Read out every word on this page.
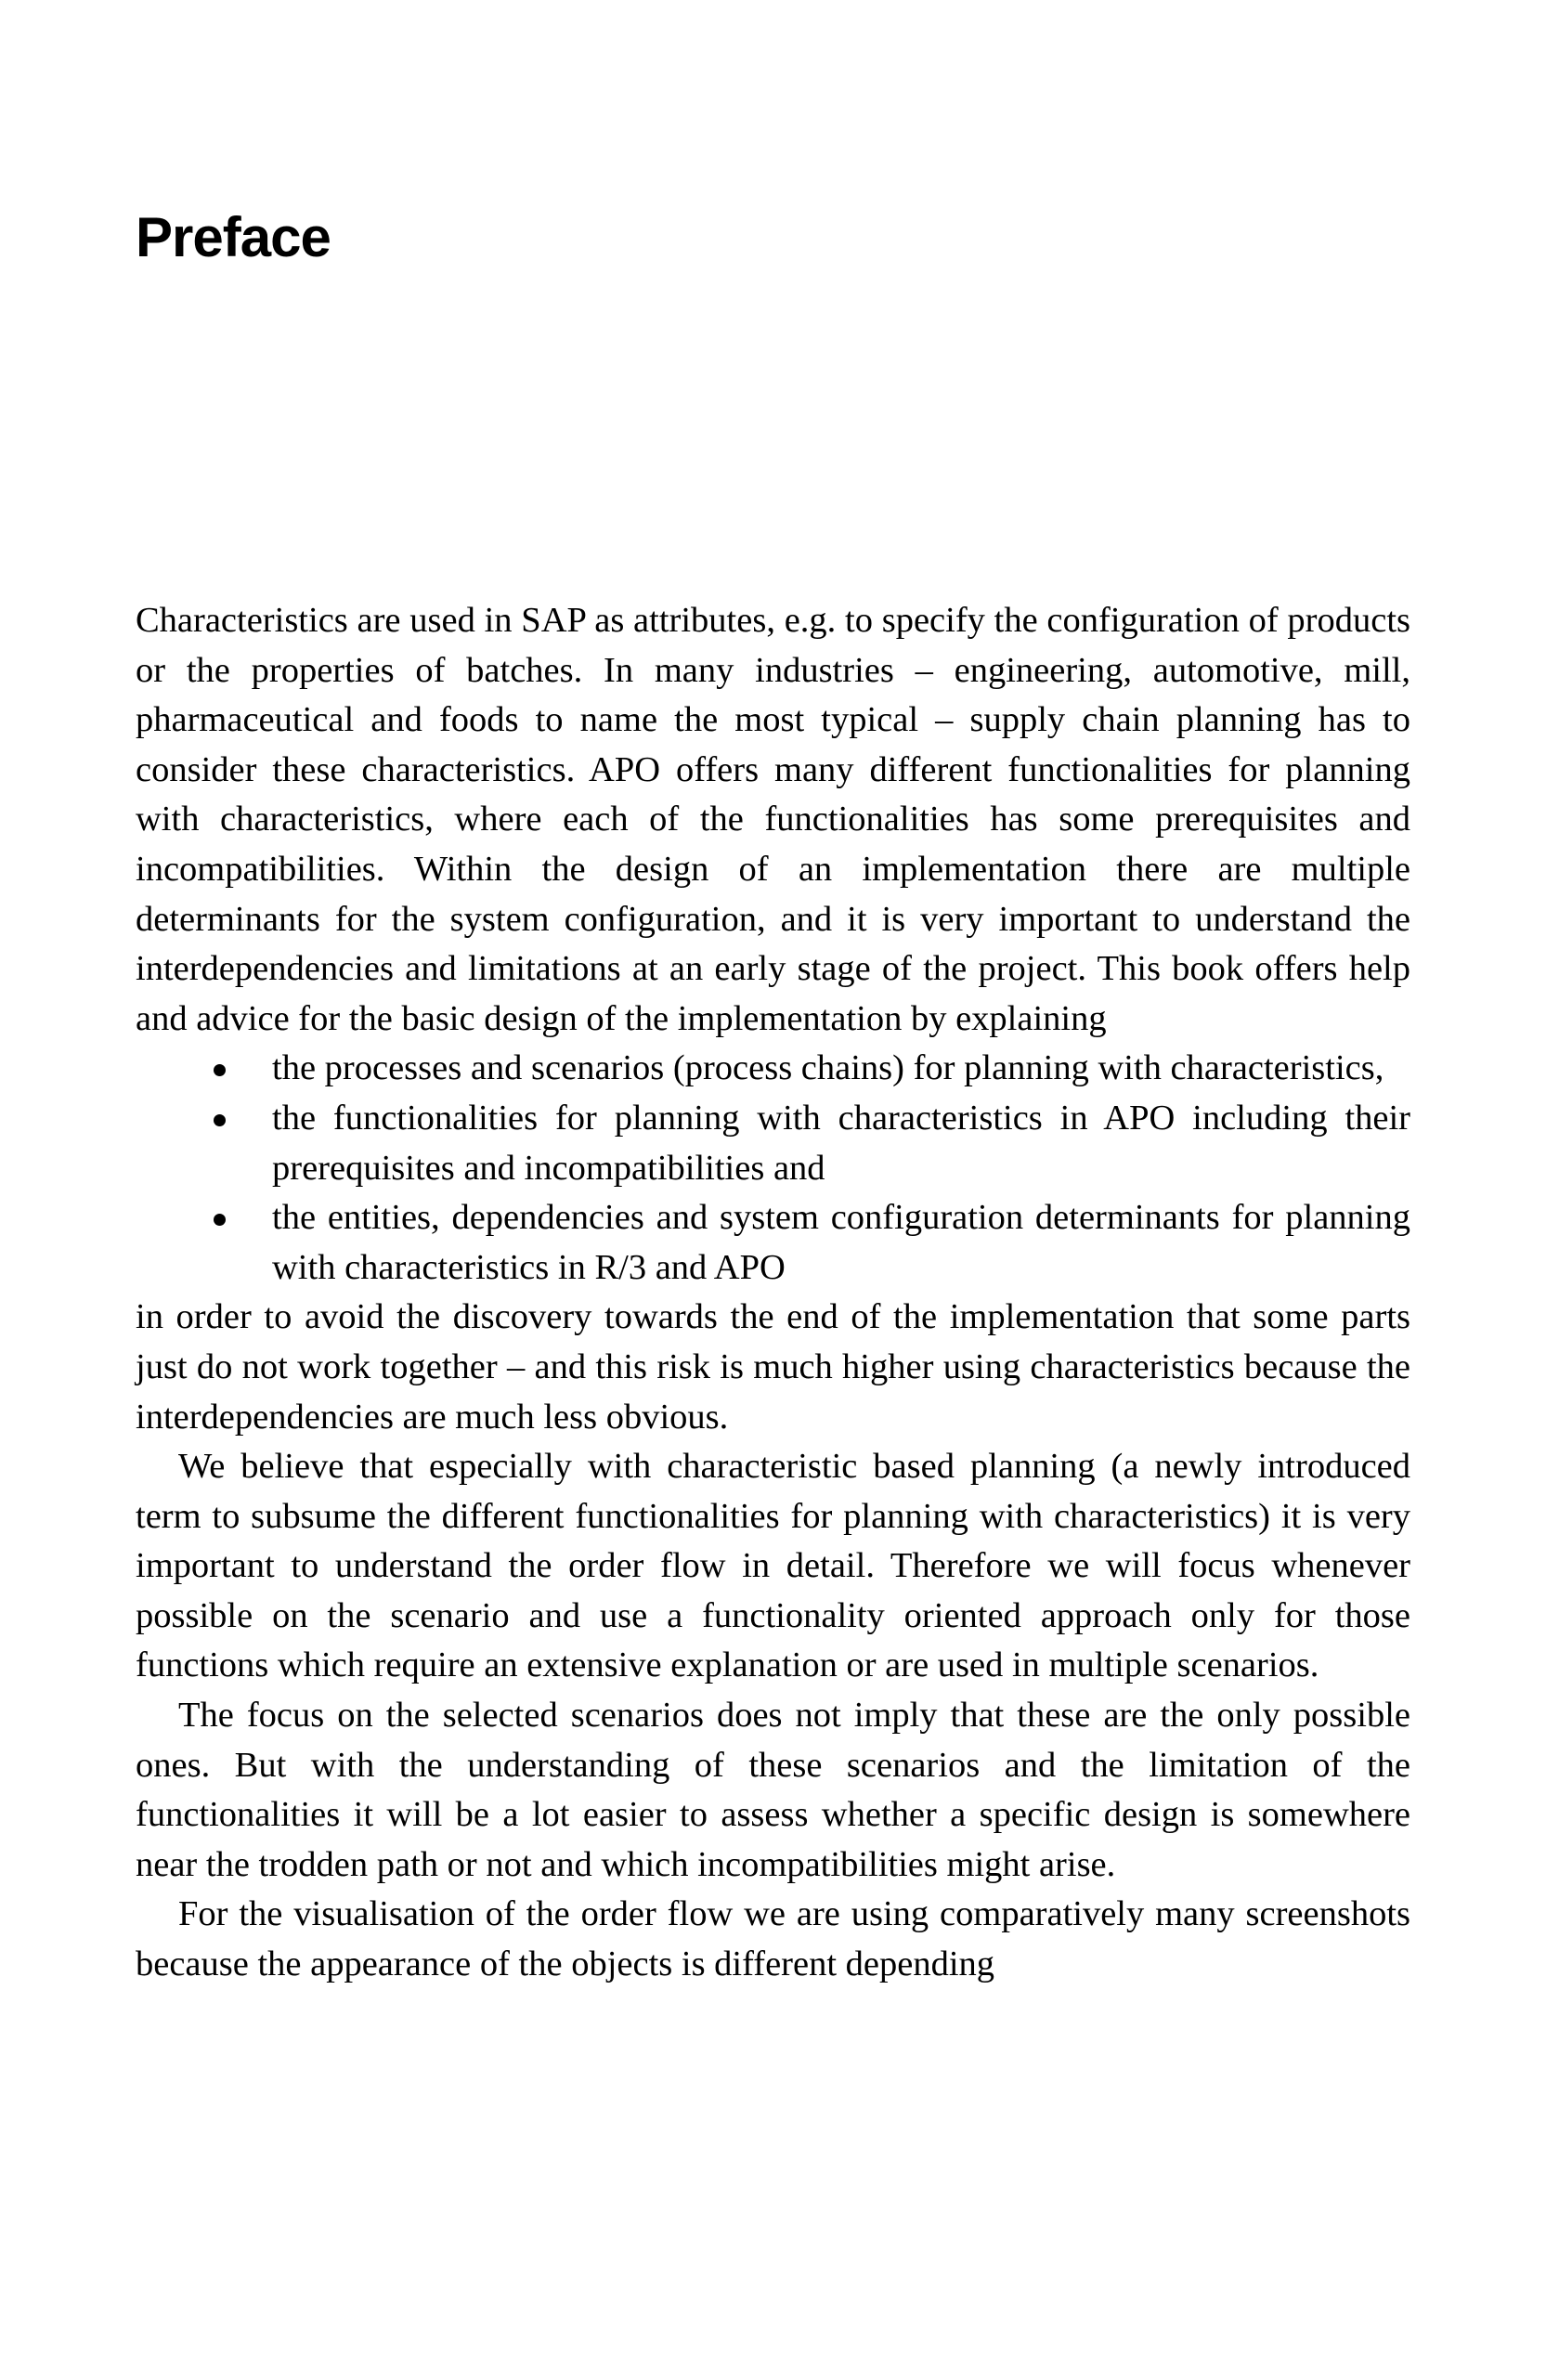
Preface

Characteristics are used in SAP as attributes, e.g. to specify the configuration of products or the properties of batches. In many industries – engineering, automotive, mill, pharmaceutical and foods to name the most typical – supply chain planning has to consider these characteristics. APO offers many different functionalities for planning with characteristics, where each of the functionalities has some prerequisites and incompatibilities. Within the design of an implementation there are multiple determinants for the system configuration, and it is very important to understand the interdependencies and limitations at an early stage of the project. This book offers help and advice for the basic design of the implementation by explaining

the processes and scenarios (process chains) for planning with characteristics,
the functionalities for planning with characteristics in APO including their prerequisites and incompatibilities and
the entities, dependencies and system configuration determinants for planning with characteristics in R/3 and APO

in order to avoid the discovery towards the end of the implementation that some parts just do not work together – and this risk is much higher using characteristics because the interdependencies are much less obvious.

We believe that especially with characteristic based planning (a newly introduced term to subsume the different functionalities for planning with characteristics) it is very important to understand the order flow in detail. Therefore we will focus whenever possible on the scenario and use a functionality oriented approach only for those functions which require an extensive explanation or are used in multiple scenarios.

The focus on the selected scenarios does not imply that these are the only possible ones. But with the understanding of these scenarios and the limitation of the functionalities it will be a lot easier to assess whether a specific design is somewhere near the trodden path or not and which incompatibilities might arise.

For the visualisation of the order flow we are using comparatively many screenshots because the appearance of the objects is different depending
